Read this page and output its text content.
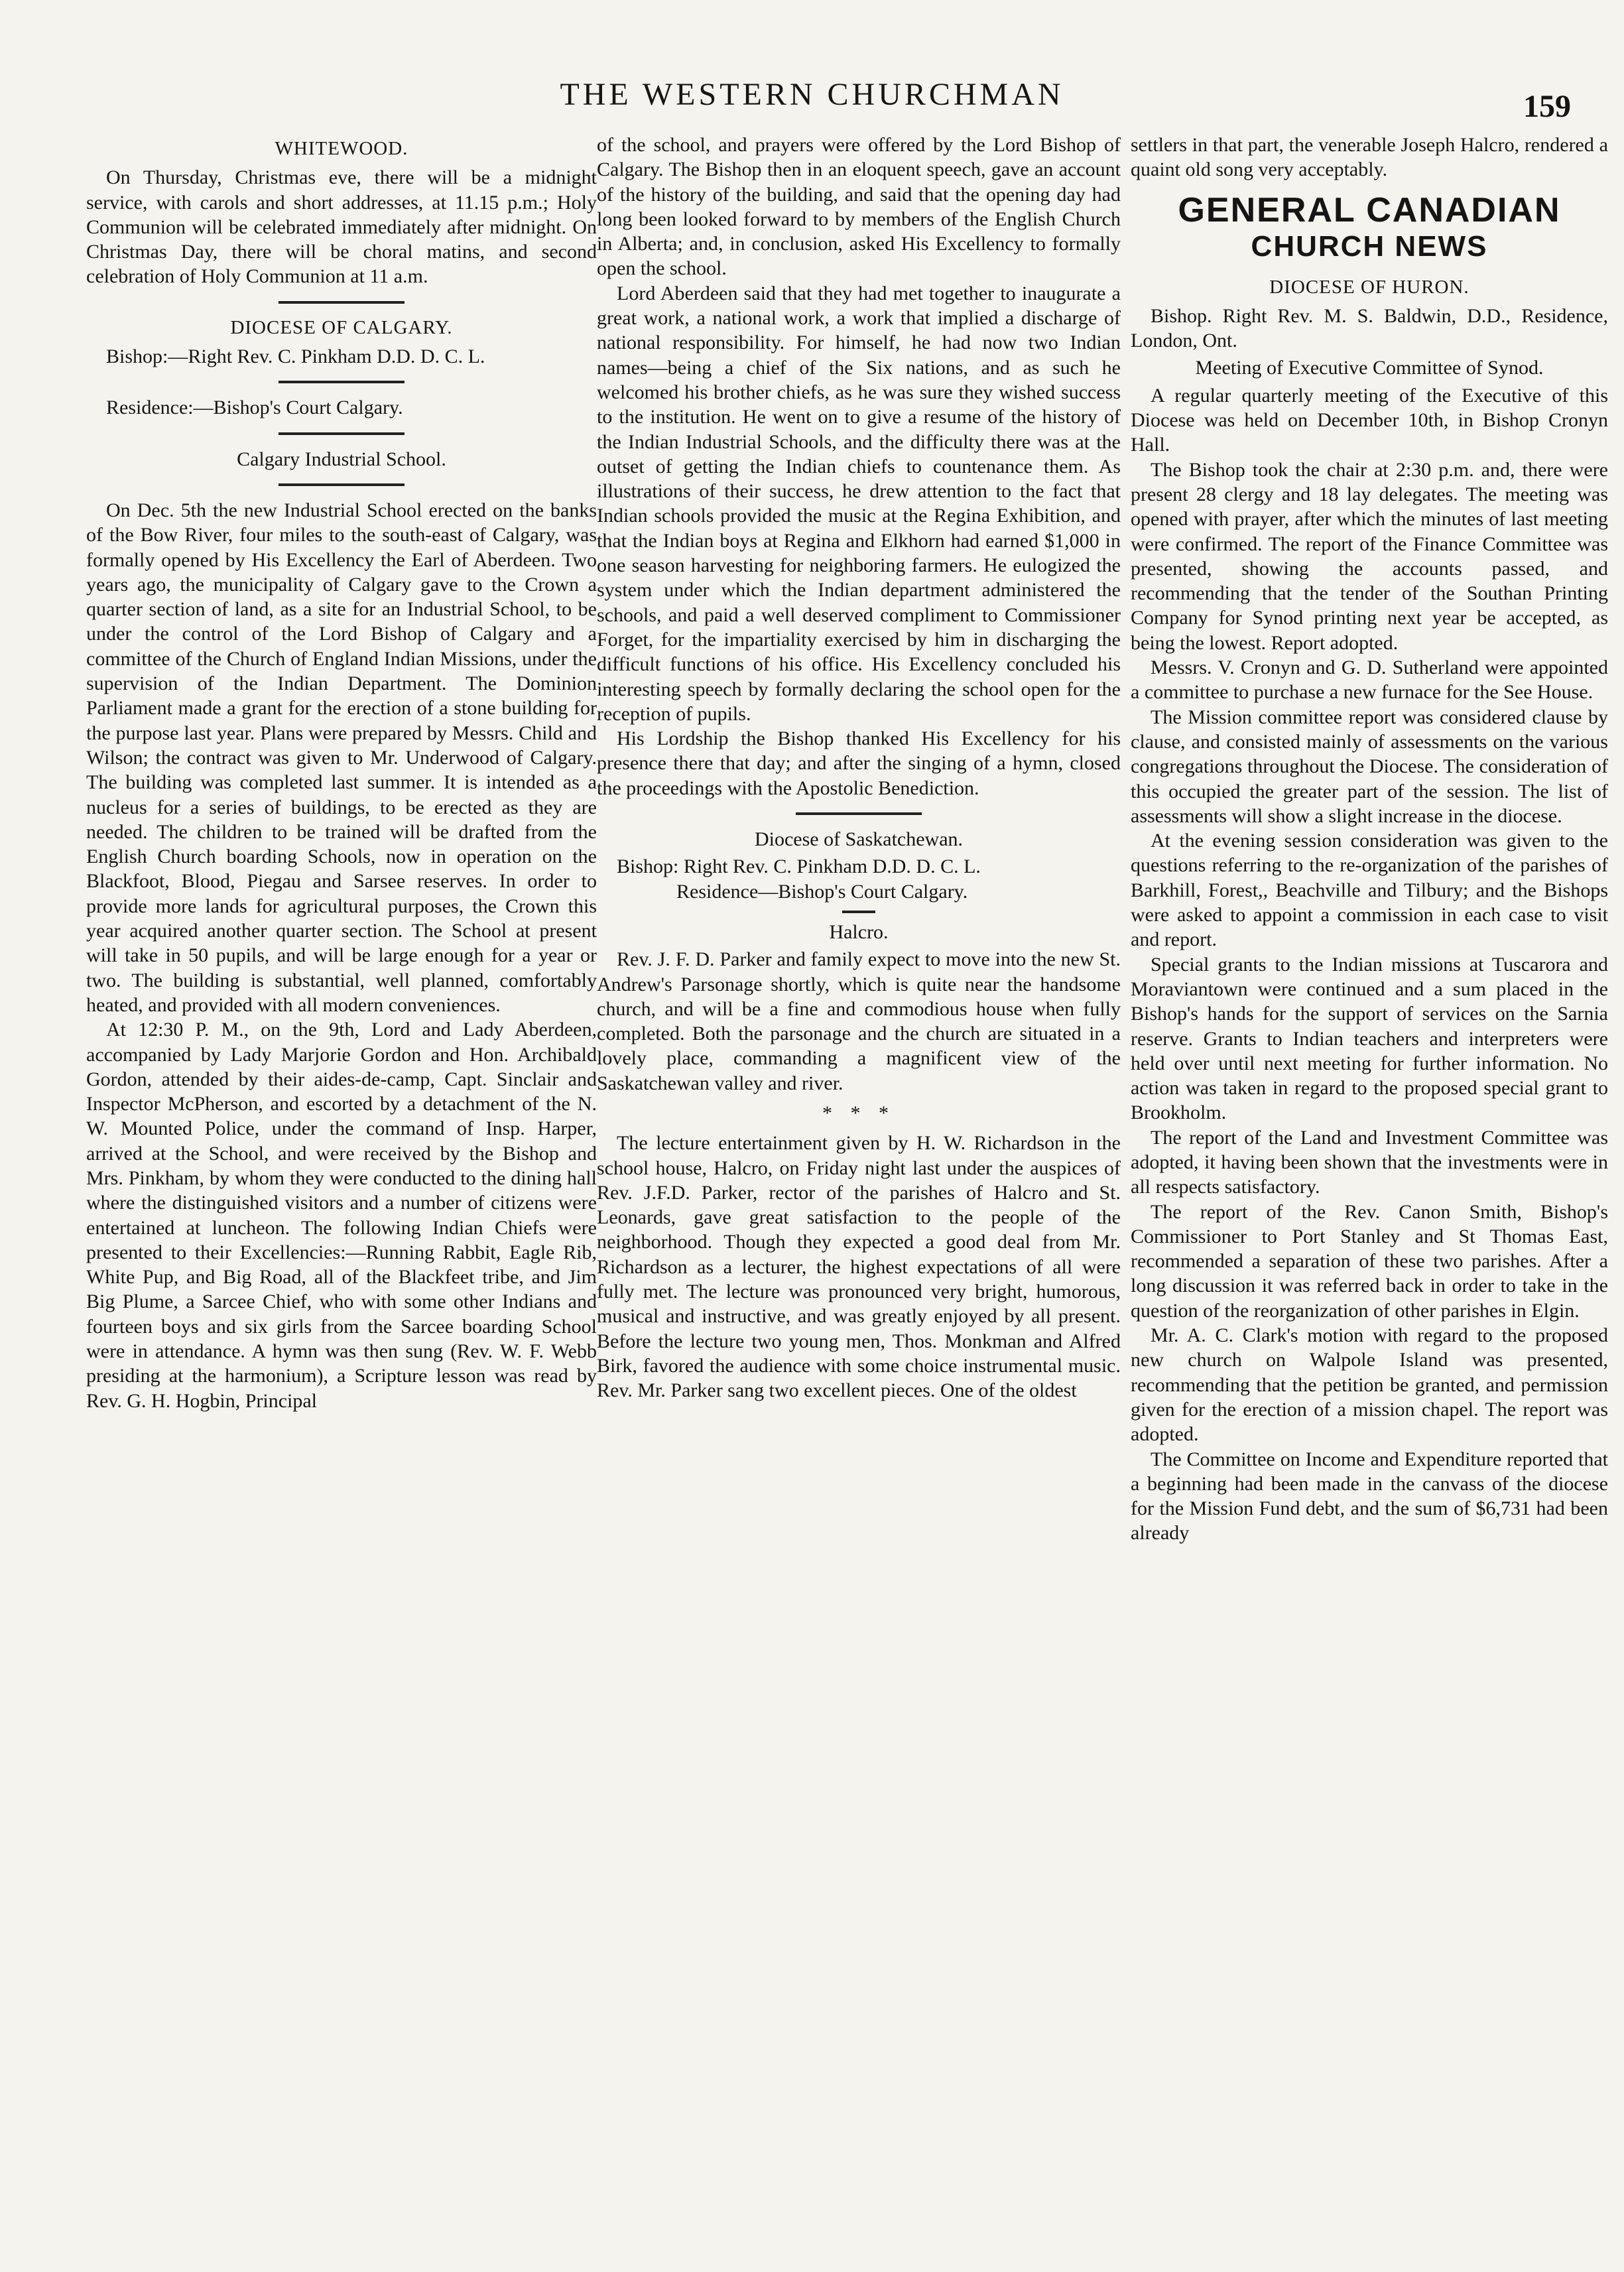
THE WESTERN CHURCHMAN	159

WHITEWOOD.

On Thursday, Christmas eve, there will be a midnight service, with carols and short addresses, at 11.15 p.m.; Holy Communion will be celebrated immediately after midnight. On Christmas Day, there will be choral matins, and second celebration of Holy Communion at 11 a.m.

DIOCESE OF CALGARY.

Bishop:—Right Rev. C. Pinkham D.D. D. C. L.

Residence:—Bishop's Court Calgary.

Calgary Industrial School.

On Dec. 5th the new Industrial School erected on the banks of the Bow River, four miles to the south-east of Calgary, was formally opened by His Excellency the Earl of Aberdeen. Two years ago, the municipality of Calgary gave to the Crown a quarter section of land, as a site for an Industrial School, to be under the control of the Lord Bishop of Calgary and a committee of the Church of England Indian Missions, under the supervision of the Indian Department. The Dominion Parliament made a grant for the erection of a stone building for the purpose last year. Plans were prepared by Messrs. Child and Wilson; the contract was given to Mr. Underwood of Calgary. The building was completed last summer. It is intended as a nucleus for a series of buildings, to be erected as they are needed. The children to be trained will be drafted from the English Church boarding Schools, now in operation on the Blackfoot, Blood, Piegau and Sarsee reserves. In order to provide more lands for agricultural purposes, the Crown this year acquired another quarter section. The School at present will take in 50 pupils, and will be large enough for a year or two. The building is substantial, well planned, comfortably heated, and provided with all modern conveniences.

At 12:30 P. M., on the 9th, Lord and Lady Aberdeen, accompanied by Lady Marjorie Gordon and Hon. Archibald Gordon, attended by their aides-de-camp, Capt. Sinclair and Inspector McPherson, and escorted by a detachment of the N. W. Mounted Police, under the command of Insp. Harper, arrived at the School, and were received by the Bishop and Mrs. Pinkham, by whom they were conducted to the dining hall where the distinguished visitors and a number of citizens were entertained at luncheon. The following Indian Chiefs were presented to their Excellencies:—Running Rabbit, Eagle Rib, White Pup, and Big Road, all of the Blackfeet tribe, and Jim Big Plume, a Sarcee Chief, who with some other Indians and fourteen boys and six girls from the Sarcee boarding School were in attendance. A hymn was then sung (Rev. W. F. Webb presiding at the harmonium), a Scripture lesson was read by Rev. G. H. Hogbin, Principal

of the school, and prayers were offered by the Lord Bishop of Calgary. The Bishop then in an eloquent speech, gave an account of the history of the building, and said that the opening day had long been looked forward to by members of the English Church in Alberta; and, in conclusion, asked His Excellency to formally open the school.

Lord Aberdeen said that they had met together to inaugurate a great work, a national work, a work that implied a discharge of national responsibility. For himself, he had now two Indian names—being a chief of the Six nations, and as such he welcomed his brother chiefs, as he was sure they wished success to the institution. He went on to give a resume of the history of the Indian Industrial Schools, and the difficulty there was at the outset of getting the Indian chiefs to countenance them. As illustrations of their success, he drew attention to the fact that Indian schools provided the music at the Regina Exhibition, and that the Indian boys at Regina and Elkhorn had earned $1,000 in one season harvesting for neighboring farmers. He eulogized the system under which the Indian department administered the schools, and paid a well deserved compliment to Commissioner Forget, for the impartiality exercised by him in discharging the difficult functions of his office. His Excellency concluded his interesting speech by formally declaring the school open for the reception of pupils.

His Lordship the Bishop thanked His Excellency for his presence there that day; and after the singing of a hymn, closed the proceedings with the Apostolic Benediction.

Diocese of Saskatchewan.

Bishop: Right Rev. C. Pinkham D.D. D. C. L.

Residence—Bishop's Court Calgary.

Halcro.

Rev. J. F. D. Parker and family expect to move into the new St. Andrew's Parsonage shortly, which is quite near the handsome church, and will be a fine and commodious house when fully completed. Both the parsonage and the church are situated in a lovely place, commanding a magnificent view of the Saskatchewan valley and river.

* * *

The lecture entertainment given by H. W. Richardson in the school house, Halcro, on Friday night last under the auspices of Rev. J.F.D. Parker, rector of the parishes of Halcro and St. Leonards, gave great satisfaction to the people of the neighborhood. Though they expected a good deal from Mr. Richardson as a lecturer, the highest expectations of all were fully met. The lecture was pronounced very bright, humorous, musical and instructive, and was greatly enjoyed by all present. Before the lecture two young men, Thos. Monkman and Alfred Birk, favored the audience with some choice instrumental music. Rev. Mr. Parker sang two excellent pieces. One of the oldest

settlers in that part, the venerable Joseph Halcro, rendered a quaint old song very acceptably.

GENERAL CANADIAN
CHURCH NEWS

DIOCESE OF HURON.

Bishop. Right Rev. M. S. Baldwin, D.D., Residence, London, Ont.

Meeting of Executive Committee of Synod.

A regular quarterly meeting of the Executive of this Diocese was held on December 10th, in Bishop Cronyn Hall.

The Bishop took the chair at 2:30 p.m. and, there were present 28 clergy and 18 lay delegates. The meeting was opened with prayer, after which the minutes of last meeting were confirmed. The report of the Finance Committee was presented, showing the accounts passed, and recommending that the tender of the Southan Printing Company for Synod printing next year be accepted, as being the lowest. Report adopted.

Messrs. V. Cronyn and G. D. Sutherland were appointed a committee to purchase a new furnace for the See House.

The Mission committee report was considered clause by clause, and consisted mainly of assessments on the various congregations throughout the Diocese. The consideration of this occupied the greater part of the session. The list of assessments will show a slight increase in the diocese.

At the evening session consideration was given to the questions referring to the re-organization of the parishes of Barkhill, Forest,, Beachville and Tilbury; and the Bishops were asked to appoint a commission in each case to visit and report.

Special grants to the Indian missions at Tuscarora and Moraviantown were continued and a sum placed in the Bishop's hands for the support of services on the Sarnia reserve. Grants to Indian teachers and interpreters were held over until next meeting for further information. No action was taken in regard to the proposed special grant to Brookholm.

The report of the Land and Investment Committee was adopted, it having been shown that the investments were in all respects satisfactory.

The report of the Rev. Canon Smith, Bishop's Commissioner to Port Stanley and St Thomas East, recommended a separation of these two parishes. After a long discussion it was referred back in order to take in the question of the reorganization of other parishes in Elgin.

Mr. A. C. Clark's motion with regard to the proposed new church on Walpole Island was presented, recommending that the petition be granted, and permission given for the erection of a mission chapel. The report was adopted.

The Committee on Income and Expenditure reported that a beginning had been made in the canvass of the diocese for the Mission Fund debt, and the sum of $6,731 had been already
